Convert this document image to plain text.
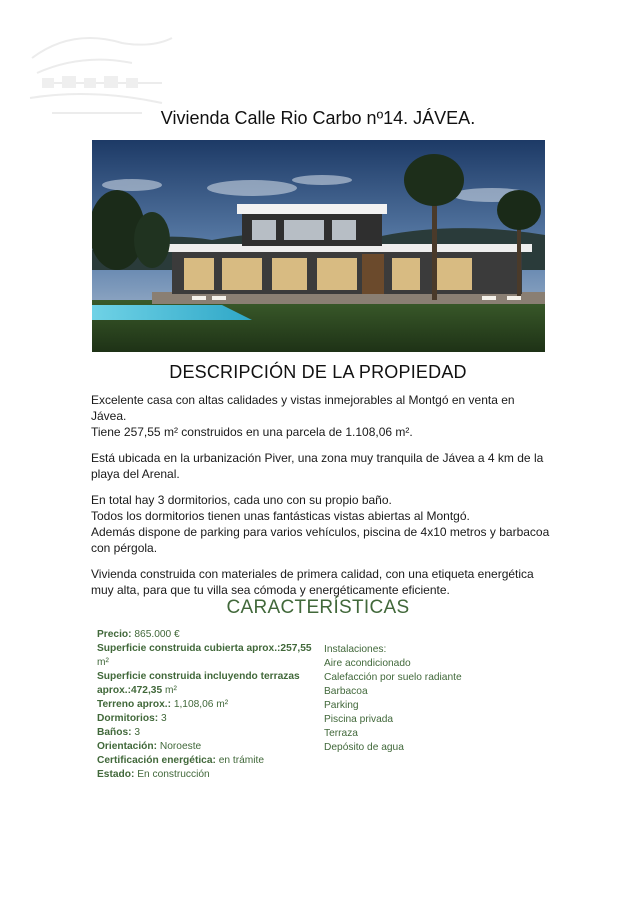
Vivienda Calle Rio Carbo nº14. JÁVEA.
DESCRIPCIÓN DE LA PROPIEDAD

Excelente casa con altas calidades y vistas inmejorables al Montgó en venta en Jávea.
Tiene 257,55 m² construidos en una parcela de 1.108,06 m².

Está ubicada en la urbanización Piver, una zona muy tranquila de Jávea a 4 km de la
playa del Arenal.

En total hay 3 dormitorios, cada uno con su propio baño.
Todos los dormitorios tienen unas fantásticas vistas abiertas al Montgó.
Además dispone de parking para varios vehículos, piscina de 4x10 metros y barbacoa
con pérgola.

Vivienda construida con materiales de primera calidad, con una etiqueta energética
muy alta, para que tu villa sea cómoda y energéticamente eficiente.

CARACTERÍSTICAS
Precio: 865.000 €
Superficie construida cubierta aprox.:257,55
m²
Superficie construida incluyendo terrazas
aprox.:472,35 m²
Terreno aprox.: 1,108,06 m²
Dormitorios: 3
Baños: 3
Orientación: Noroeste
Certificación energética: en trámite
Estado: En construcción
Instalaciones:
Aire acondicionado
Calefacción por suelo radiante
Barbacoa
Parking
Piscina privada
Terraza
Depósito de agua
